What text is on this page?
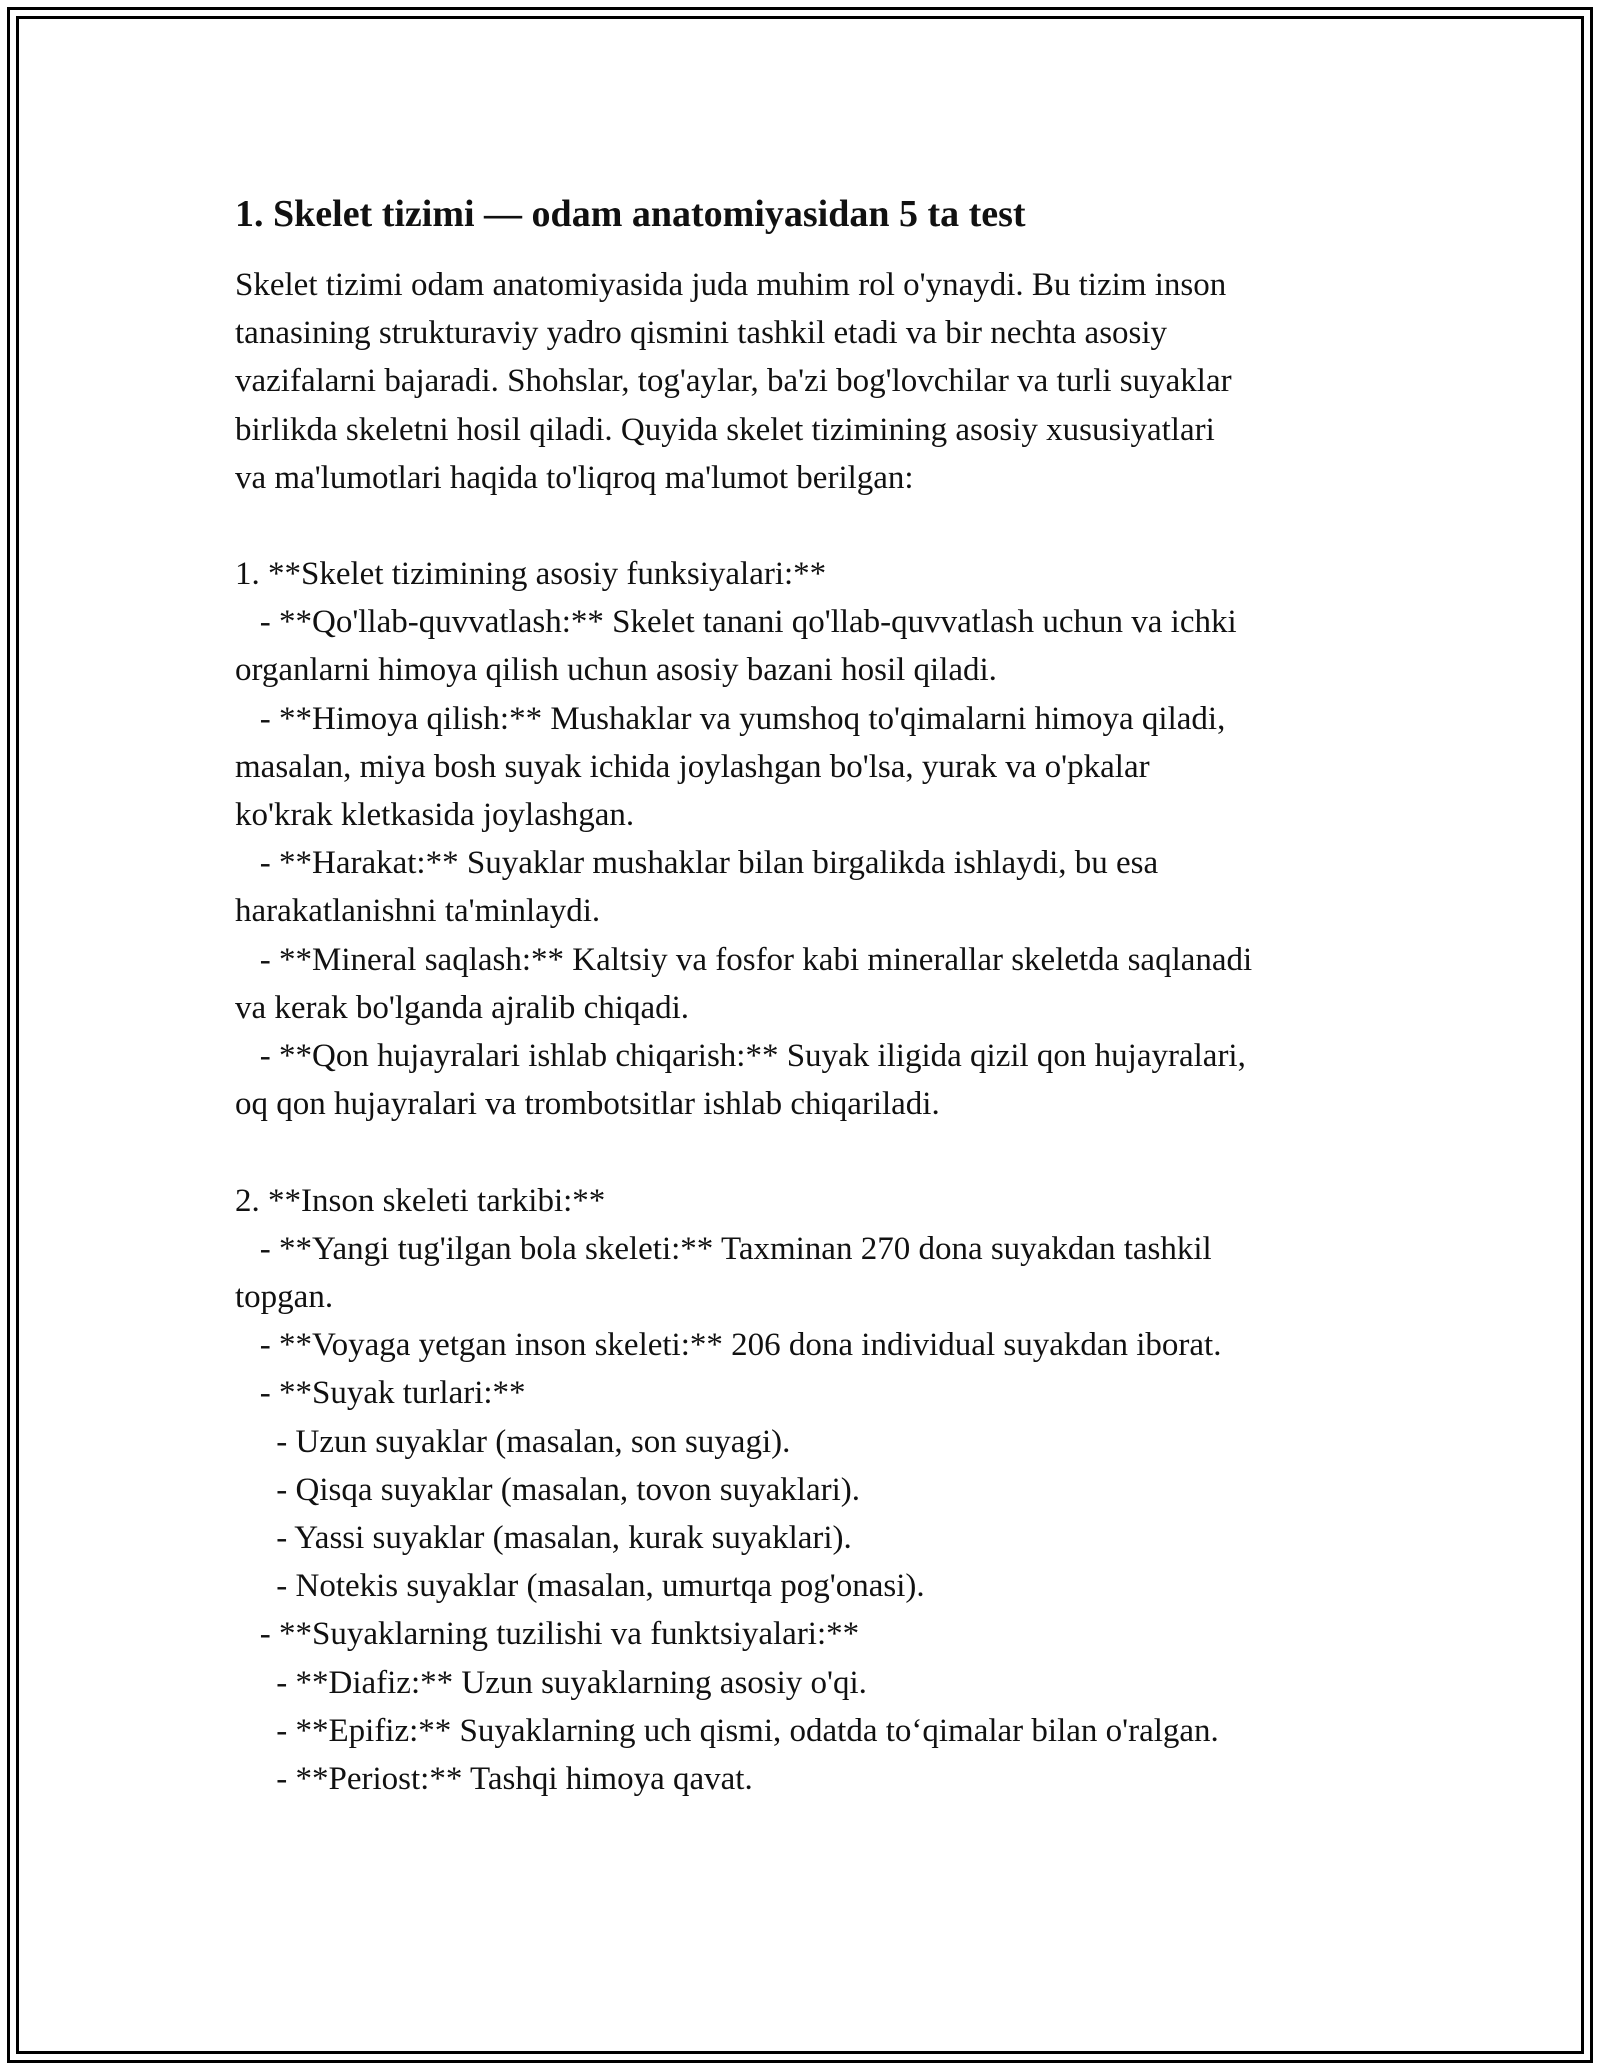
1. Skelet tizimi — odam anatomiyasidan 5 ta test
Skelet tizimi odam anatomiyasida juda muhim rol o'ynaydi. Bu tizim inson
tanasining strukturaviy yadro qismini tashkil etadi va bir nechta asosiy
vazifalarni bajaradi. Shohslar, tog'aylar, ba'zi bog'lovchilar va turli suyaklar
birlikda skeletni hosil qiladi. Quyida skelet tizimining asosiy xususiyatlari
va ma'lumotlari haqida to'liqroq ma'lumot berilgan:
1. **Skelet tizimining asosiy funksiyalari:**
- **Qo'llab-quvvatlash:** Skelet tanani qo'llab-quvvatlash uchun va ichki
organlarni himoya qilish uchun asosiy bazani hosil qiladi.
- **Himoya qilish:** Mushaklar va yumshoq to'qimalarni himoya qiladi,
masalan, miya bosh suyak ichida joylashgan bo'lsa, yurak va o'pkalar
ko'krak kletkasida joylashgan.
- **Harakat:** Suyaklar mushaklar bilan birgalikda ishlaydi, bu esa
harakatlanishni ta'minlaydi.
- **Mineral saqlash:** Kaltsiy va fosfor kabi minerallar skeletda saqlanadi
va kerak bo'lganda ajralib chiqadi.
- **Qon hujayralari ishlab chiqarish:** Suyak iligida qizil qon hujayralari,
oq qon hujayralari va trombotsitlar ishlab chiqariladi.
2. **Inson skeleti tarkibi:**
- **Yangi tug'ilgan bola skeleti:** Taxminan 270 dona suyakdan tashkil
topgan.
- **Voyaga yetgan inson skeleti:** 206 dona individual suyakdan iborat.
- **Suyak turlari:**
- Uzun suyaklar (masalan, son suyagi).
- Qisqa suyaklar (masalan, tovon suyaklari).
- Yassi suyaklar (masalan, kurak suyaklari).
- Notekis suyaklar (masalan, umurtqa pog'onasi).
- **Suyaklarning tuzilishi va funktsiyalari:**
- **Diafiz:** Uzun suyaklarning asosiy o'qi.
- **Epifiz:** Suyaklarning uch qismi, odatda toʻqimalar bilan o'ralgan.
- **Periost:** Tashqi himoya qavat.
